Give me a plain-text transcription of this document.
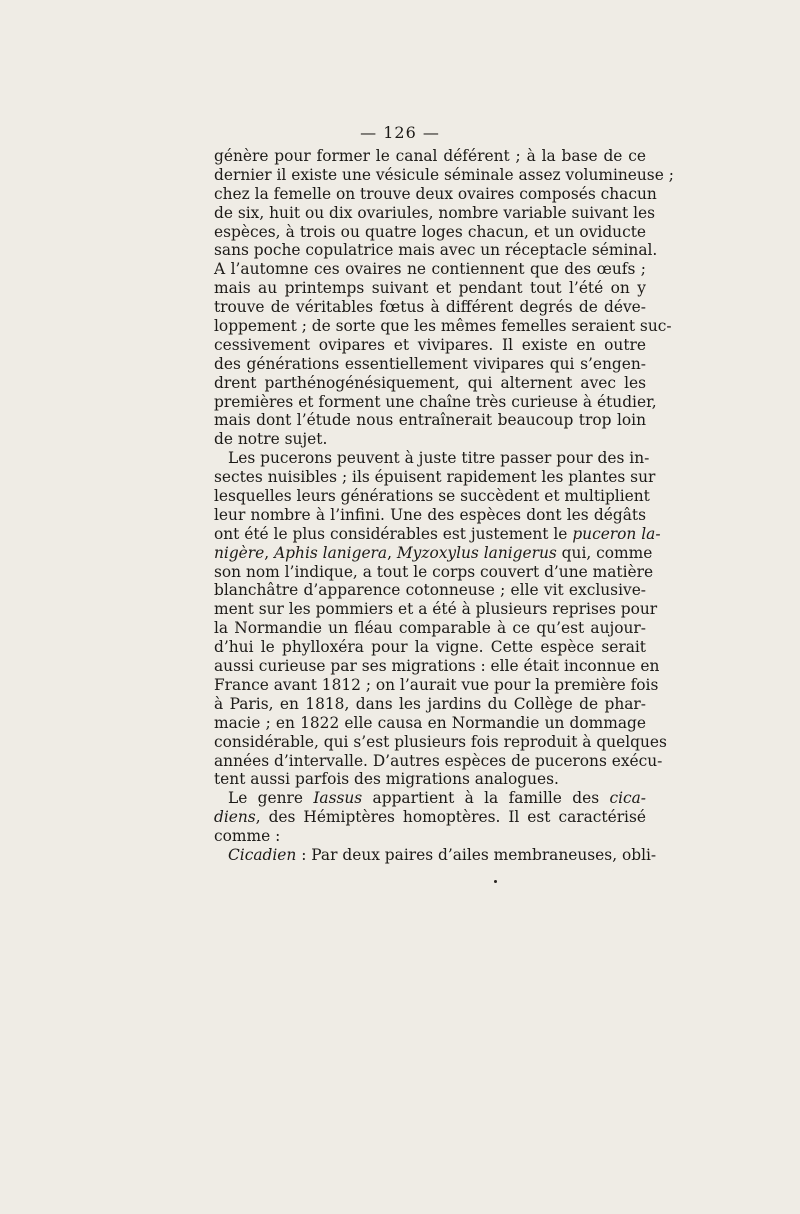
— 126 —
génère pour former le canal déférent ; à la base de ce
dernier il existe une vésicule séminale assez volumineuse ;
chez la femelle on trouve deux ovaires composés chacun
de six, huit ou dix ovariules, nombre variable suivant les
espèces, à trois ou quatre loges chacun, et un oviducte
sans poche copulatrice mais avec un réceptacle séminal.
A l’automne ces ovaires ne contiennent que des œufs ;
mais au printemps suivant et pendant tout l’été on y
trouve de véritables fœtus à différent degrés de déve-
loppement ; de sorte que les mêmes femelles seraient suc-
cessivement ovipares et vivipares. Il existe en outre
des générations essentiellement vivipares qui s’engen-
drent parthénogénésiquement, qui alternent avec les
premières et forment une chaîne très curieuse à étudier,
mais dont l’étude nous entraînerait beaucoup trop loin
de notre sujet.
Les pucerons peuvent à juste titre passer pour des in-
sectes nuisibles ; ils épuisent rapidement les plantes sur
lesquelles leurs générations se succèdent et multiplient
leur nombre à l’infini. Une des espèces dont les dégâts
ont été le plus considérables est justement le puceron la-
nigère, Aphis lanigera, Myzoxylus lanigerus qui, comme
son nom l’indique, a tout le corps couvert d’une matière
blanchâtre d’apparence cotonneuse ; elle vit exclusive-
ment sur les pommiers et a été à plusieurs reprises pour
la Normandie un fléau comparable à ce qu’est aujour-
d’hui le phylloxéra pour la vigne. Cette espèce serait
aussi curieuse par ses migrations : elle était inconnue en
France avant 1812 ; on l’aurait vue pour la première fois
à Paris, en 1818, dans les jardins du Collège de phar-
macie ; en 1822 elle causa en Normandie un dommage
considérable, qui s’est plusieurs fois reproduit à quelques
années d’intervalle. D’autres espèces de pucerons exécu-
tent aussi parfois des migrations analogues.
Le genre Iassus appartient à la famille des cica-
diens, des Hémiptères homoptères. Il est caractérisé
comme :
Cicadien : Par deux paires d’ailes membraneuses, obli-
